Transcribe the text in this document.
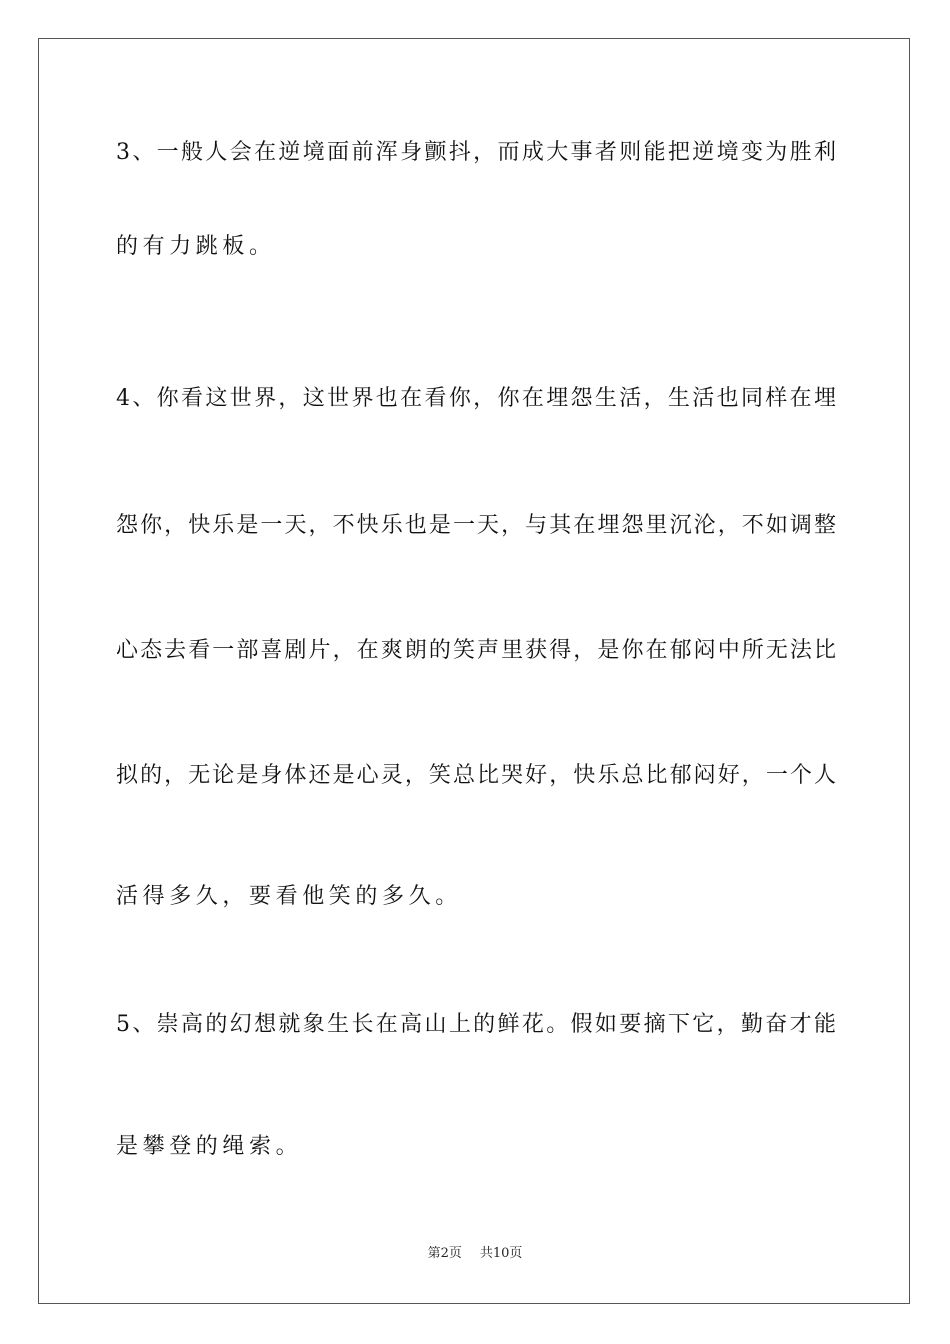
3、一般人会在逆境面前浑身颤抖，而成大事者则能把逆境变为胜利
的有力跳板。
4、你看这世界，这世界也在看你，你在埋怨生活，生活也同样在埋
怨你，快乐是一天，不快乐也是一天，与其在埋怨里沉沦，不如调整
心态去看一部喜剧片，在爽朗的笑声里获得，是你在郁闷中所无法比
拟的，无论是身体还是心灵，笑总比哭好，快乐总比郁闷好，一个人
活得多久，要看他笑的多久。
5、崇高的幻想就象生长在高山上的鲜花。假如要摘下它，勤奋才能
是攀登的绳索。
第2页 共10页
